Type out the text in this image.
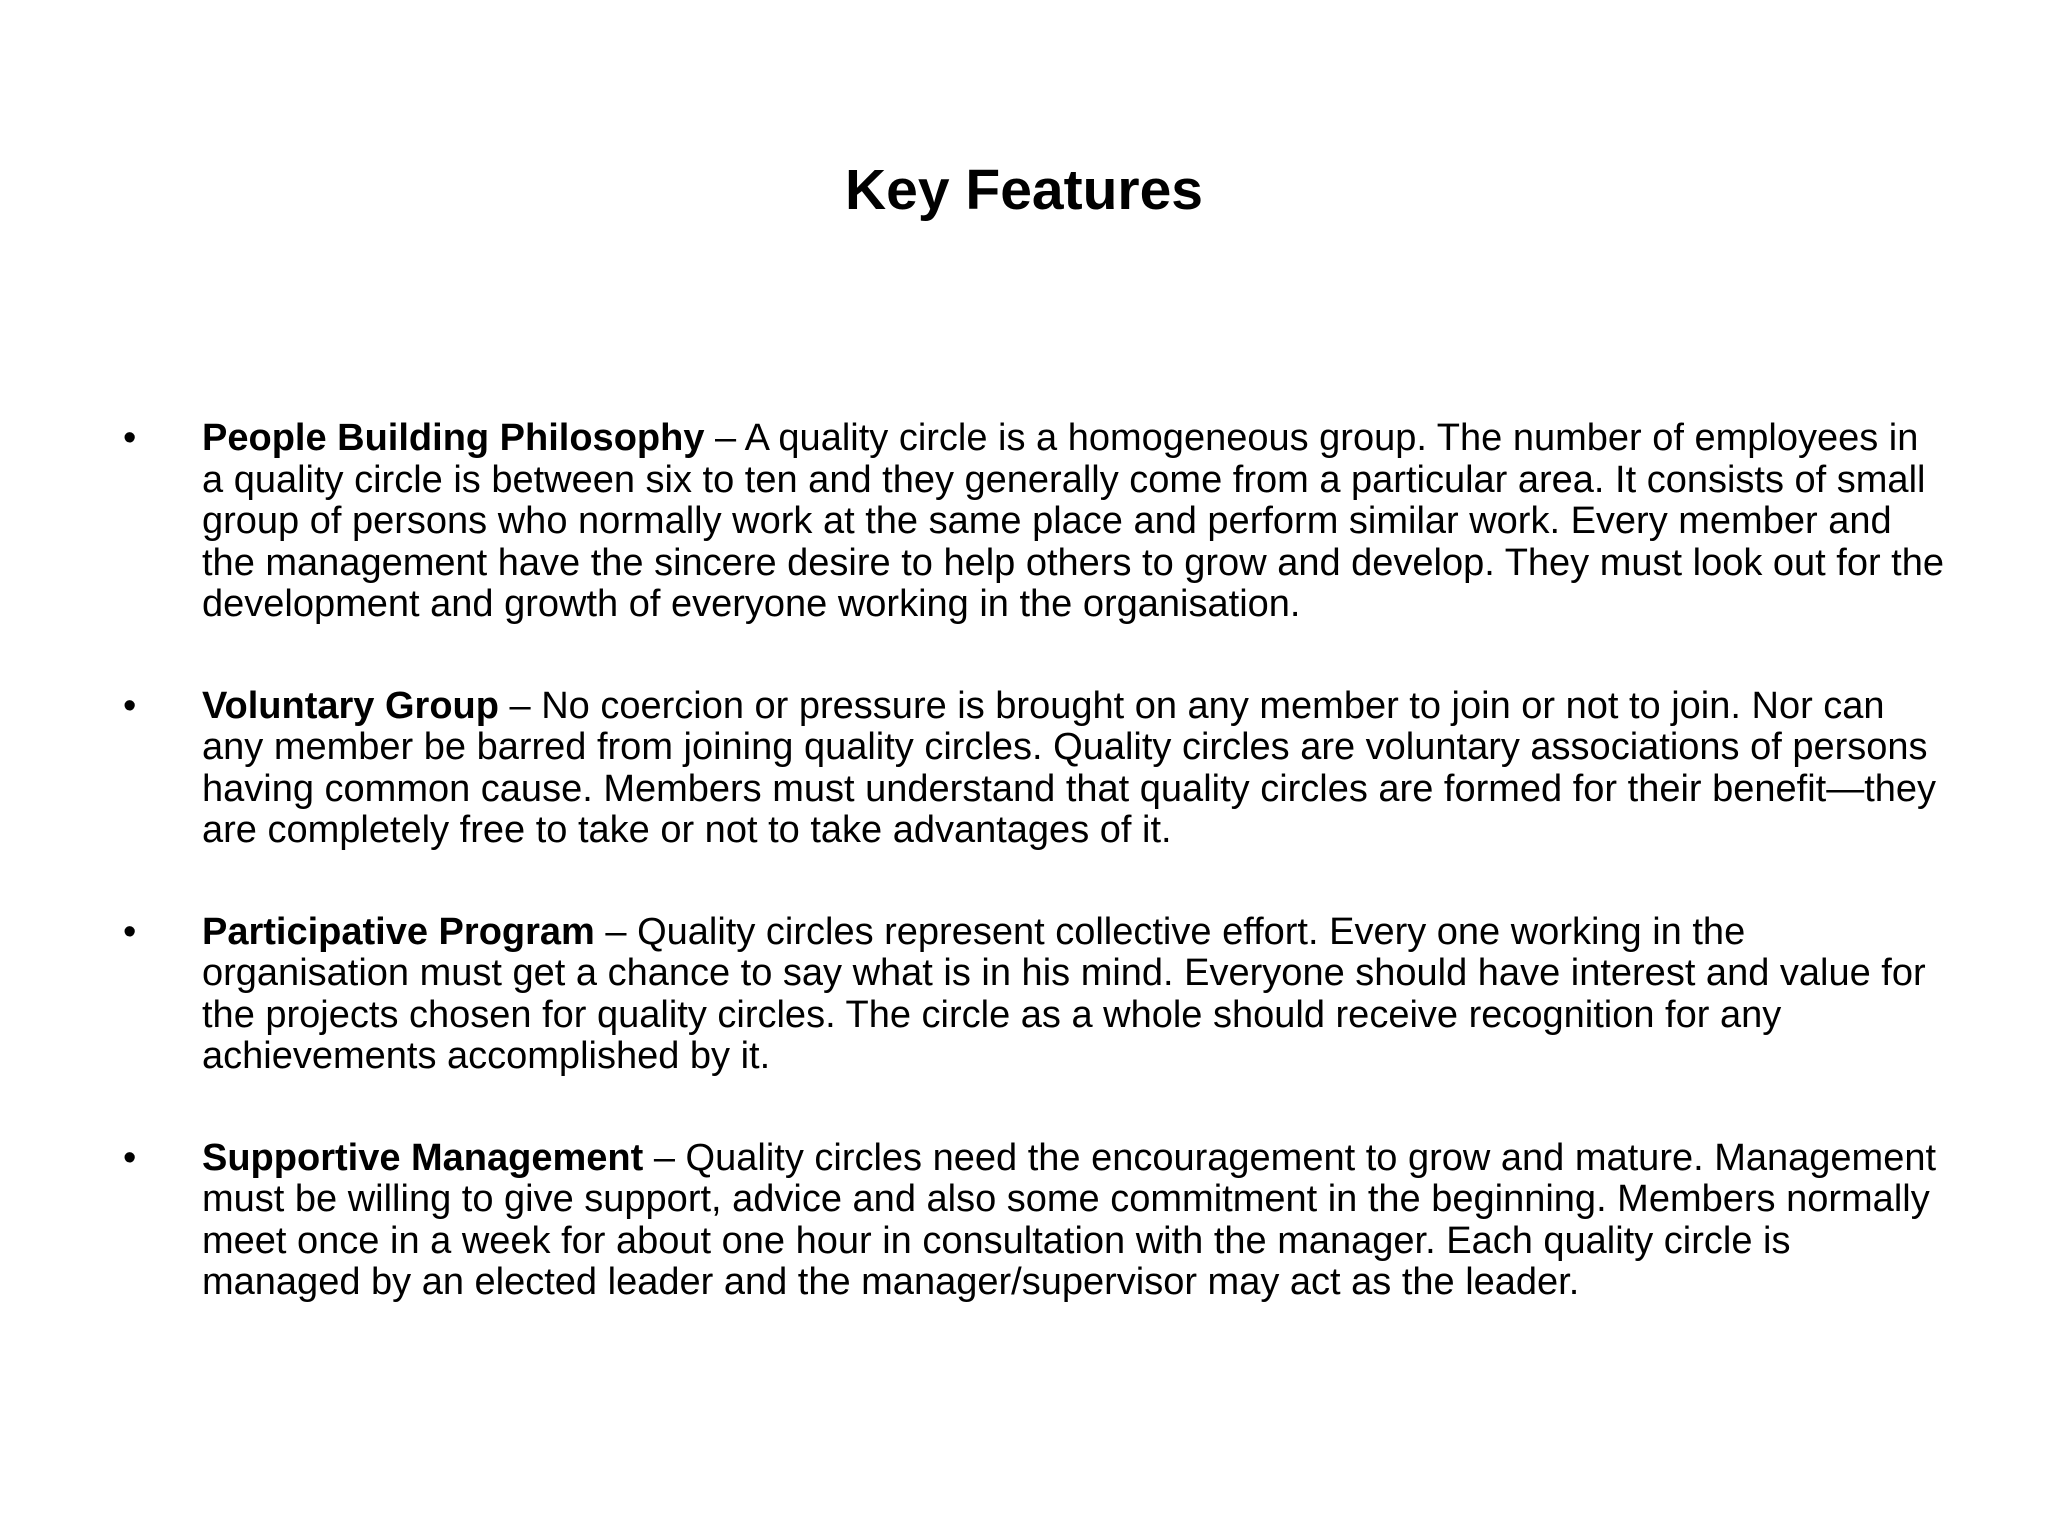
Key Features
• People Building Philosophy – A quality circle is a homogeneous group. The number of employees in a quality circle is between six to ten and they generally come from a particular area. It consists of small group of persons who normally work at the same place and perform similar work. Every member and the management have the sincere desire to help others to grow and develop. They must look out for the development and growth of everyone working in the organisation.
• Voluntary Group – No coercion or pressure is brought on any member to join or not to join. Nor can any member be barred from joining quality circles. Quality circles are voluntary associations of persons having common cause. Members must understand that quality circles are formed for their benefit—they are completely free to take or not to take advantages of it.
• Participative Program – Quality circles represent collective effort. Every one working in the organisation must get a chance to say what is in his mind. Everyone should have interest and value for the projects chosen for quality circles. The circle as a whole should receive recognition for any achievements accomplished by it.
• Supportive Management – Quality circles need the encouragement to grow and mature. Management must be willing to give support, advice and also some commitment in the beginning. Members normally meet once in a week for about one hour in consultation with the manager. Each quality circle is managed by an elected leader and the manager/supervisor may act as the leader.
